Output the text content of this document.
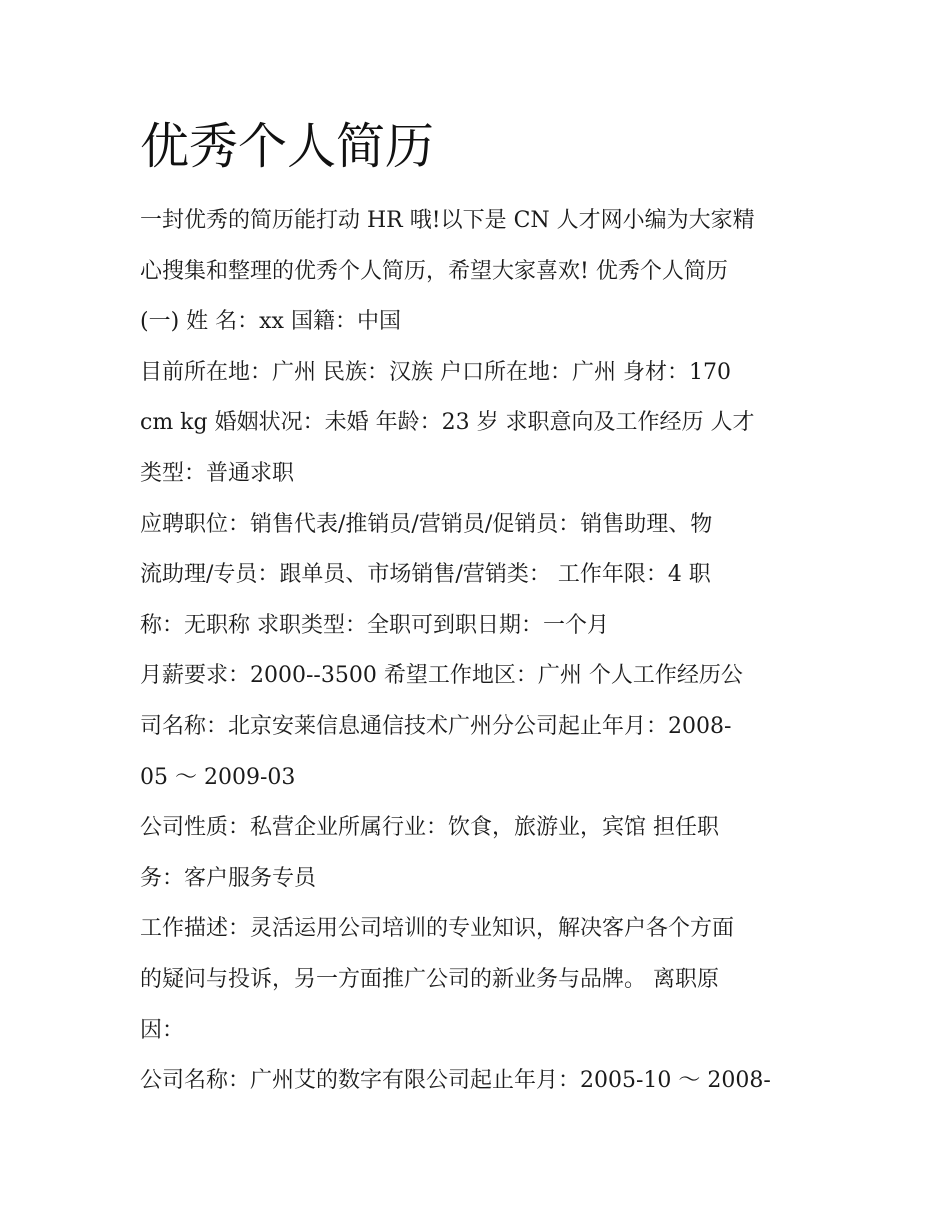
优秀个人简历
一封优秀的简历能打动 HR 哦!以下是 CN 人才网小编为大家精
心搜集和整理的优秀个人简历，希望大家喜欢! 优秀个人简历
(一) 姓 名：xx 国籍：中国
目前所在地：广州 民族：汉族 户口所在地：广州 身材：170
cm kg 婚姻状况：未婚 年龄：23 岁 求职意向及工作经历 人才
类型：普通求职
应聘职位：销售代表/推销员/营销员/促销员：销售助理、物
流助理/专员：跟单员、市场销售/营销类： 工作年限：4 职
称：无职称 求职类型：全职可到职日期：一个月
月薪要求：2000--3500 希望工作地区：广州 个人工作经历公
司名称：北京安莱信息通信技术广州分公司起止年月：2008-
05 ～ 2009-03
公司性质：私营企业所属行业：饮食，旅游业，宾馆 担任职
务：客户服务专员
工作描述：灵活运用公司培训的专业知识，解决客户各个方面
的疑问与投诉，另一方面推广公司的新业务与品牌。 离职原
因：
公司名称：广州艾的数字有限公司起止年月：2005-10 ～ 2008-
